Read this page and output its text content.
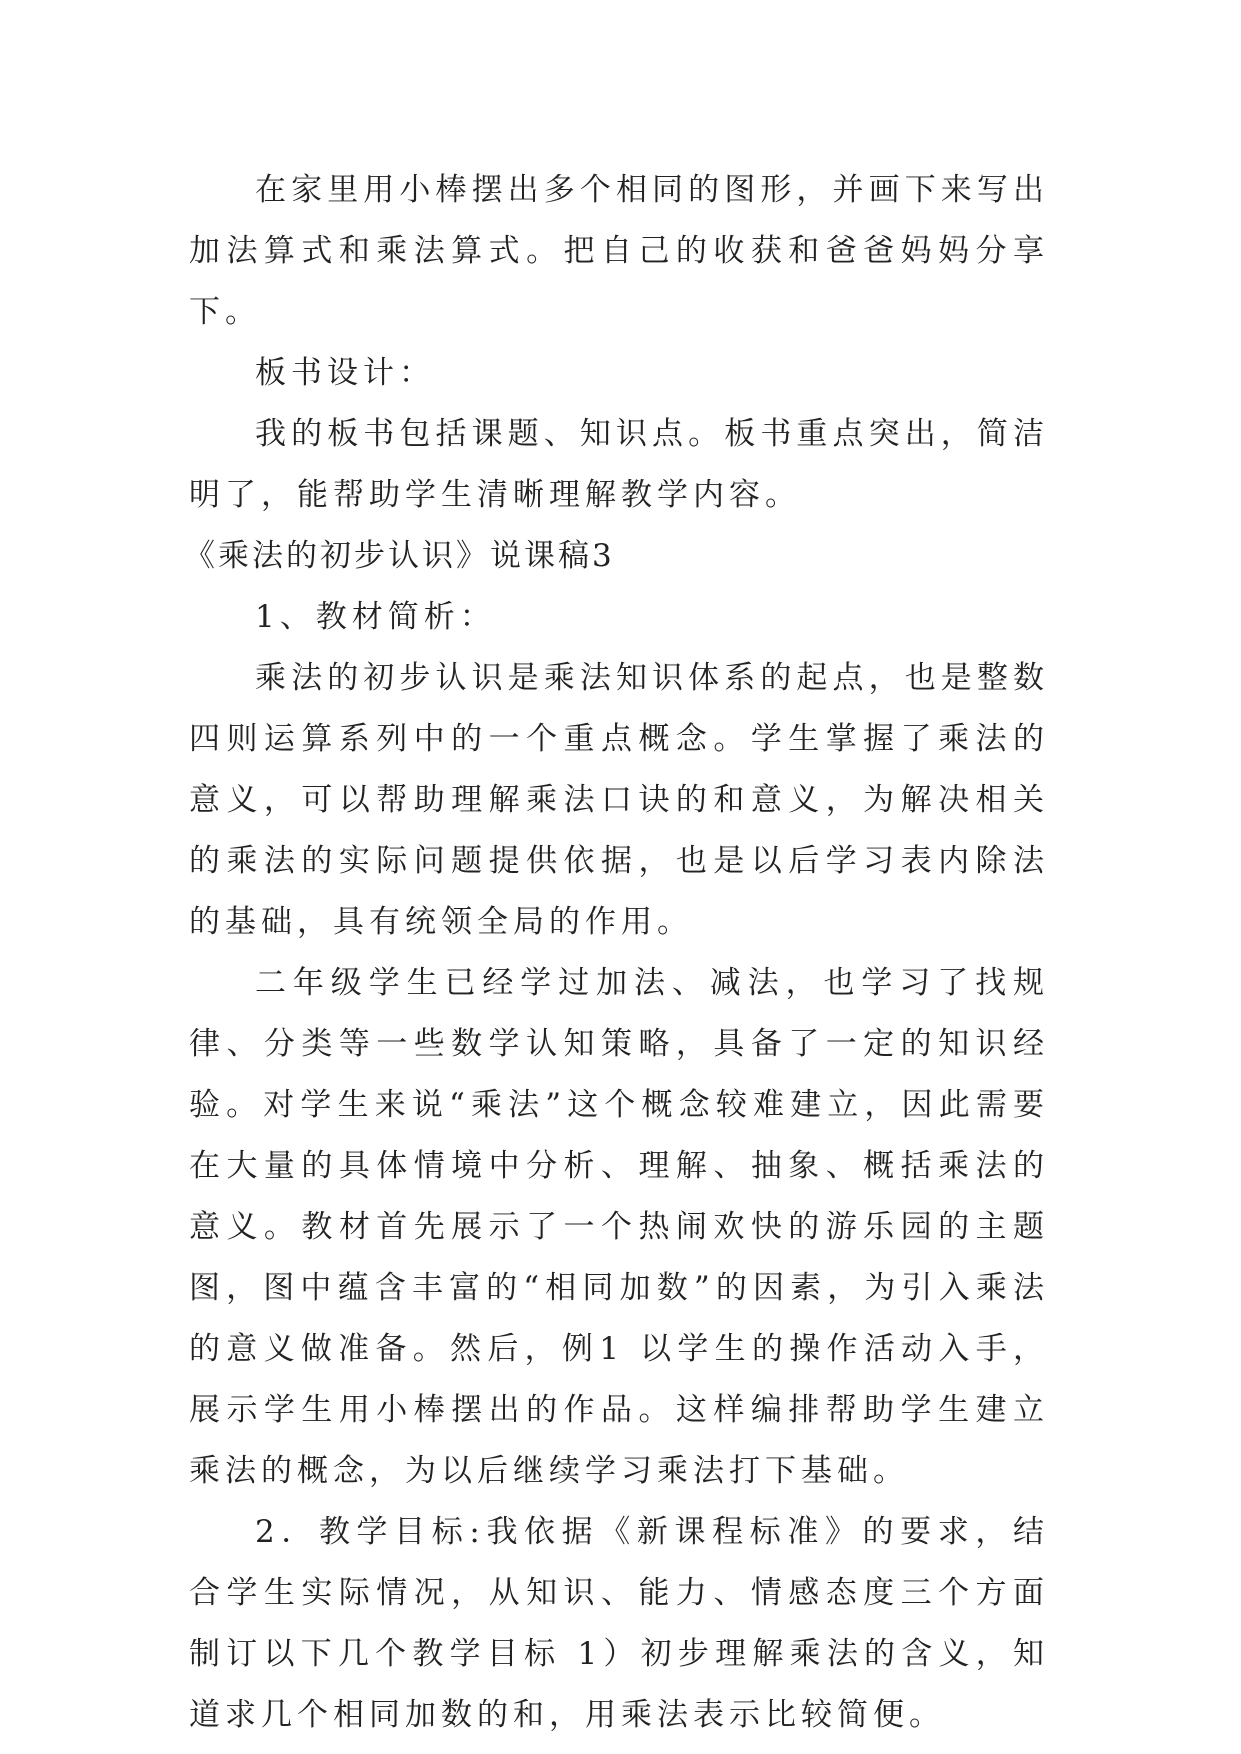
在家里用小棒摆出多个相同的图形，并画下来写出加法算式和乘法算式。把自己的收获和爸爸妈妈分享下。

板书设计：

我的板书包括课题、知识点。板书重点突出，简洁明了，能帮助学生清晰理解教学内容。

《乘法的初步认识》说课稿3

1、教材简析：

乘法的初步认识是乘法知识体系的起点，也是整数四则运算系列中的一个重点概念。学生掌握了乘法的意义，可以帮助理解乘法口诀的和意义，为解决相关的乘法的实际问题提供依据，也是以后学习表内除法的基础，具有统领全局的作用。

二年级学生已经学过加法、减法，也学习了找规律、分类等一些数学认知策略，具备了一定的知识经验。对学生来说“乘法”这个概念较难建立，因此需要在大量的具体情境中分析、理解、抽象、概括乘法的意义。教材首先展示了一个热闹欢快的游乐园的主题图，图中蕴含丰富的“相同加数”的因素，为引入乘法的意义做准备。然后，例1 以学生的操作活动入手，展示学生用小棒摆出的作品。这样编排帮助学生建立乘法的概念，为以后继续学习乘法打下基础。

2．教学目标:我依据《新课程标准》的要求，结合学生实际情况，从知识、能力、情感态度三个方面制订以下几个教学目标 1）初步理解乘法的含义，知道求几个相同加数的和，用乘法表示比较简便。
